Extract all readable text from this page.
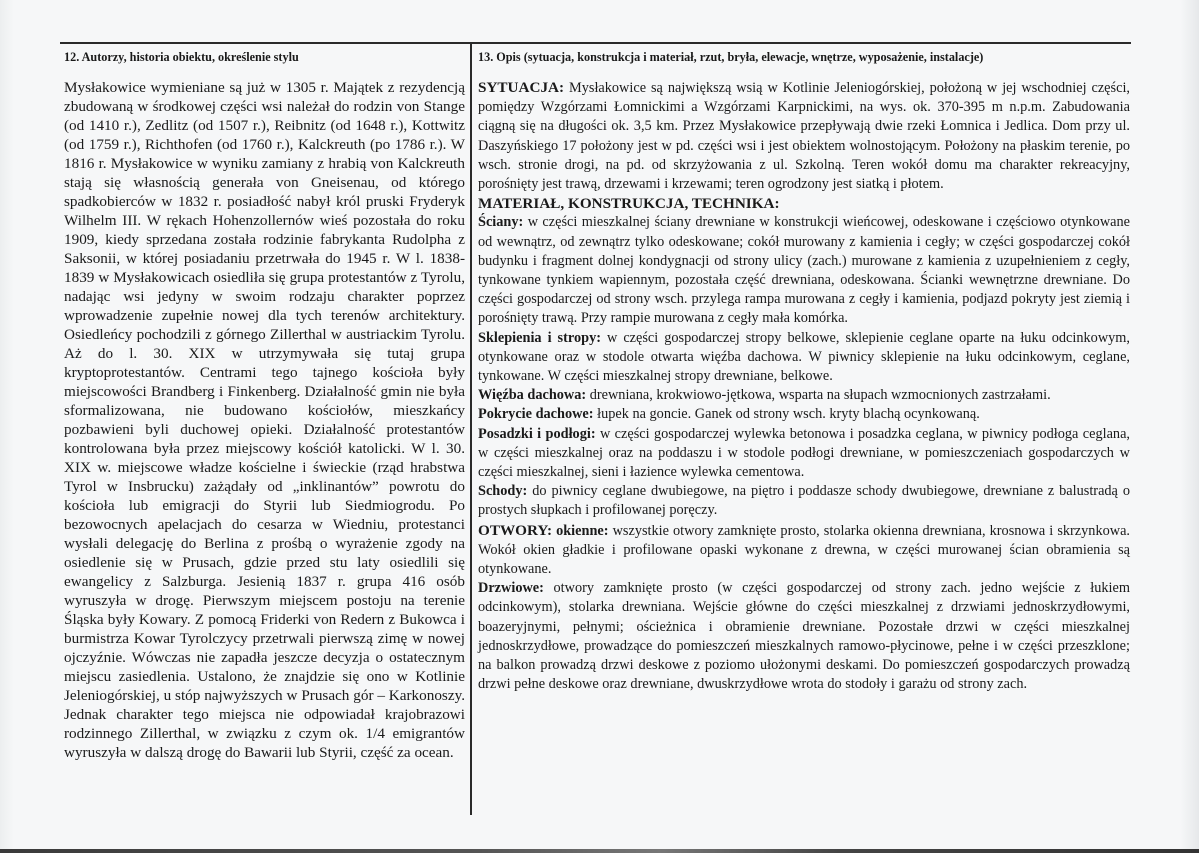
12. Autorzy, historia obiektu, określenie stylu
Mysłakowice wymieniane są już w 1305 r. Majątek z rezydencją zbudowaną w środkowej części wsi należał do rodzin von Stange (od 1410 r.), Zedlitz (od 1507 r.), Reibnitz (od 1648 r.), Kottwitz (od 1759 r.), Richthofen (od 1760 r.), Kalckreuth (po 1786 r.). W 1816 r. Mysłakowice w wyniku zamiany z hrabią von Kalckreuth stają się własnością generała von Gneisenau, od którego spadkobierców w 1832 r. posiadłość nabył król pruski Fryderyk Wilhelm III. W rękach Hohenzollernów wieś pozostała do roku 1909, kiedy sprzedana została rodzinie fabrykanta Rudolpha z Saksonii, w której posiadaniu przetrwała do 1945 r. W l. 1838-1839 w Mysłakowicach osiedliła się grupa protestantów z Tyrolu, nadając wsi jedyny w swoim rodzaju charakter poprzez wprowadzenie zupełnie nowej dla tych terenów architektury. Osiedleńcy pochodzili z górnego Zillerthal w austriackim Tyrolu. Aż do l. 30. XIX w utrzymywała się tutaj grupa kryptoprotestantów. Centrami tego tajnego kościoła były miejscowości Brandberg i Finkenberg. Działalność gmin nie była sformalizowana, nie budowano kościołów, mieszkańcy pozbawieni byli duchowej opieki. Działalność protestantów kontrolowana była przez miejscowy kościół katolicki. W l. 30. XIX w. miejscowe władze kościelne i świeckie (rząd hrabstwa Tyrol w Insbrucku) zażądały od „inklinantów” powrotu do kościoła lub emigracji do Styrii lub Siedmiogrodu. Po bezowocnych apelacjach do cesarza w Wiedniu, protestanci wysłali delegację do Berlina z prośbą o wyrażenie zgody na osiedlenie się w Prusach, gdzie przed stu laty osiedlili się ewangelicy z Salzburga. Jesienią 1837 r. grupa 416 osób wyruszyła w drogę. Pierwszym miejscem postoju na terenie Śląska były Kowary. Z pomocą Friderki von Redern z Bukowca i burmistrza Kowar Tyrolczycy przetrwali pierwszą zimę w nowej ojczyźnie. Wówczas nie zapadła jeszcze decyzja o ostatecznym miejscu zasiedlenia. Ustalono, że znajdzie się ono w Kotlinie Jeleniogórskiej, u stóp najwyższych w Prusach gór – Karkonoszy. Jednak charakter tego miejsca nie odpowiadał krajobrazowi rodzinnego Zillerthal, w związku z czym ok. 1/4 emigrantów wyruszyła w dalszą drogę do Bawarii lub Styrii, część za ocean.
13. Opis (sytuacja, konstrukcja i materiał, rzut, bryła, elewacje, wnętrze, wyposażenie, instalacje)

SYTUACJA: Mysłakowice są największą wsią w Kotlinie Jeleniogórskiej, położoną w jej wschodniej części, pomiędzy Wzgórzami Łomnickimi a Wzgórzami Karpnickimi, na wys. ok. 370-395 m n.p.m. Zabudowania ciągną się na długości ok. 3,5 km. Przez Mysłakowice przepływają dwie rzeki Łomnica i Jedlica. Dom przy ul. Daszyńskiego 17 położony jest w pd. części wsi i jest obiektem wolnostojącym. Położony na płaskim terenie, po wsch. stronie drogi, na pd. od skrzyżowania z ul. Szkolną. Teren wokół domu ma charakter rekreacyjny, porośnięty jest trawą, drzewami i krzewami; teren ogrodzony jest siatką i płotem.

MATERIAŁ, KONSTRUKCJA, TECHNIKA:

Ściany: w części mieszkalnej ściany drewniane w konstrukcji wieńcowej, odeskowane i częściowo otynkowane od wewnątrz, od zewnątrz tylko odeskowane; cokół murowany z kamienia i cegły; w części gospodarczej cokół budynku i fragment dolnej kondygnacji od strony ulicy (zach.) murowane z kamienia z uzupełnieniem z cegły, tynkowane tynkiem wapiennym, pozostała część drewniana, odeskowana. Ścianki wewnętrzne drewniane. Do części gospodarczej od strony wsch. przylega rampa murowana z cegły i kamienia, podjazd pokryty jest ziemią i porośnięty trawą. Przy rampie murowana z cegły mała komórka.

Sklepienia i stropy: w części gospodarczej stropy belkowe, sklepienie ceglane oparte na łuku odcinkowym, otynkowane oraz w stodole otwarta więźba dachowa. W piwnicy sklepienie na łuku odcinkowym, ceglane, tynkowane. W części mieszkalnej stropy drewniane, belkowe.

Więźba dachowa: drewniana, krokwiowo-jętkowa, wsparta na słupach wzmocnionych zastrzałami.

Pokrycie dachowe: łupek na goncie. Ganek od strony wsch. kryty blachą ocynkowaną.

Posadzki i podłogi: w części gospodarczej wylewka betonowa i posadzka ceglana, w piwnicy podłoga ceglana, w części mieszkalnej oraz na poddaszu i w stodole podłogi drewniane, w pomieszczeniach gospodarczych w części mieszkalnej, sieni i łazience wylewka cementowa.

Schody: do piwnicy ceglane dwubiegowe, na piętro i poddasze schody dwubiegowe, drewniane z balustradą o prostych słupkach i profilowanej poręczy.

OTWORY: okienne: wszystkie otwory zamknięte prosto, stolarka okienna drewniana, krosnowa i skrzynkowa. Wokół okien gładkie i profilowane opaski wykonane z drewna, w części murowanej ścian obramienia są otynkowane.

Drzwiowe: otwory zamknięte prosto (w części gospodarczej od strony zach. jedno wejście z łukiem odcinkowym), stolarka drewniana. Wejście główne do części mieszkalnej z drzwiami jednoskrzydłowymi, boazeryjnymi, pełnymi; ościeżnica i obramienie drewniane. Pozostałe drzwi w części mieszkalnej jednoskrzydłowe, prowadzące do pomieszczeń mieszkalnych ramowo-płycinowe, pełne i w części przeszklone; na balkon prowadzą drzwi deskowe z poziomo ułożonymi deskami. Do pomieszczeń gospodarczych prowadzą drzwi pełne deskowe oraz drewniane, dwuskrzydłowe wrota do stodoły i garażu od strony zach.
